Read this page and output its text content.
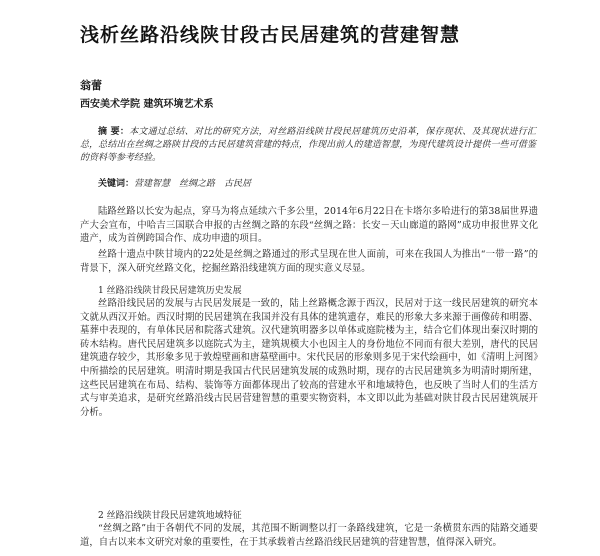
浅析丝路沿线陕甘段古民居建筑的营建智慧
翁蕾
西安美术学院 建筑环境艺术系
摘 要：本文通过总结、对比的研究方法，对丝路沿线陕甘段民居建筑历史沿革，保存现状、及其现状进行汇总，总结出在丝绸之路陕甘段的古民居建筑营建的特点，作现出前人的建造智慧，为现代建筑设计提供一些可借鉴的资料等参考经验。
关键词：营建智慧　丝绸之路　古民居
陆路丝路以长安为起点，穿马为将点延续六千多公里，2014年6月22日在卡塔尔多哈进行的第38届世界遗产大会宣布，中哈吉三国联合申报的古丝绸之路的东段“丝绸之路：长安－天山廊道的路网”成功申报世界文化遗产，成为首例跨国合作、成功申遗的项目。
丝路十遗点中陕甘境内的22处是丝绸之路通过的形式呈现在世人面前，可来在我国人为推出“一带一路”的背景下，深入研究丝路文化，挖掘丝路沿线建筑方面的现实意义尽显。
1 丝路沿线陕甘段民居建筑历史发展
丝路沿线民居的发展与古民居发展是一致的，陆上丝路概念源于西汉，民居对于这一线民居建筑的研究本文就从西汉开始。西汉时期的民居建筑在我国并没有具体的建筑遗存，难民的形象大多来源于画像砖和明器、墓葬中表现的，有单体民居和院落式建筑。汉代建筑明器多以单体或庭院楼为主，结合它们体现出秦汉时期的砖木结构。唐代民居建筑多以庭院式为主，建筑规模大小也因主人的身份地位不同而有很大差别，唐代的民居建筑遗存较少，其形象多见于敦煌壁画和唐墓壁画中。宋代民居的形象则多见于宋代绘画中，如《清明上河图》中所描绘的民居建筑。明清时期是我国古代民居建筑发展的成熟时期，现存的古民居建筑多为明清时期所建，这些民居建筑在布局、结构、装饰等方面都体现出了较高的营建水平和地域特色，也反映了当时人们的生活方式与审美追求，是研究丝路沿线古民居营建智慧的重要实物资料，本文即以此为基础对陕甘段古民居建筑展开分析。
2 丝路沿线陕甘段民居建筑地域特征
“丝绸之路”由于各朝代不同的发展，其范围不断调整以打一条路线建筑，它是一条横贯东西的陆路交通要道，自古以来本文研究对象的重要性，在于其承载着古丝路沿线民居建筑的营建智慧，值得深入研究。
